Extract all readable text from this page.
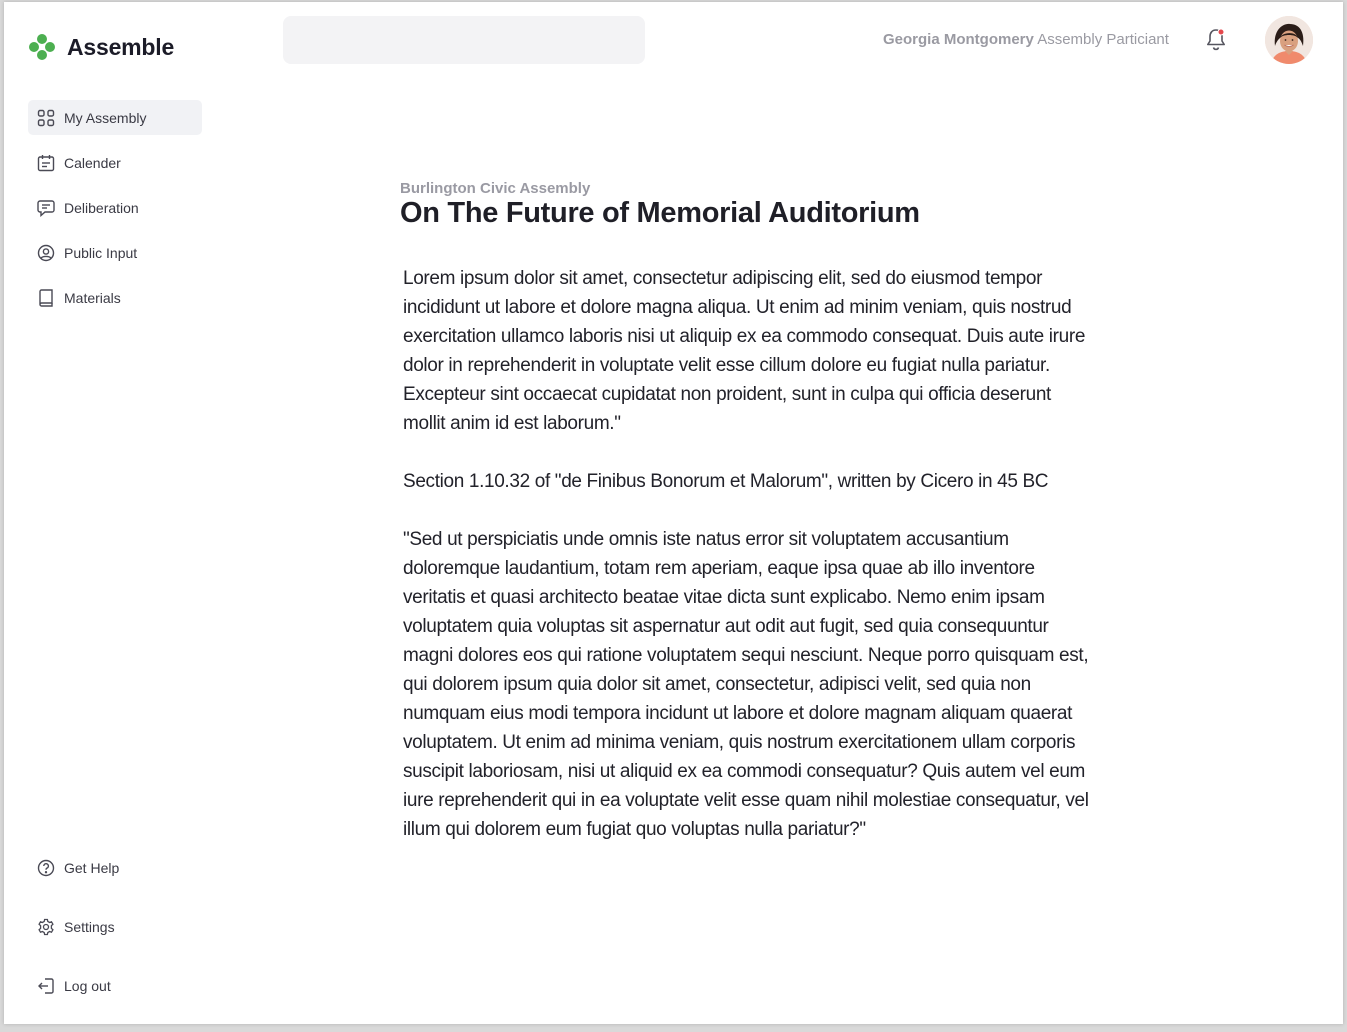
Assemble
My Assembly
Calender
Deliberation
Public Input
Materials
Get Help
Settings
Log out
Georgia Montgomery Assembly Particiant
Burlington Civic Assembly
On The Future of Memorial Auditorium

Lorem ipsum dolor sit amet, consectetur adipiscing elit, sed do eiusmod tempor incididunt ut labore et dolore magna aliqua. Ut enim ad minim veniam, quis nostrud exercitation ullamco laboris nisi ut aliquip ex ea commodo consequat. Duis aute irure dolor in reprehenderit in voluptate velit esse cillum dolore eu fugiat nulla pariatur. Excepteur sint occaecat cupidatat non proident, sunt in culpa qui officia deserunt mollit anim id est laborum."

Section 1.10.32 of "de Finibus Bonorum et Malorum", written by Cicero in 45 BC

"Sed ut perspiciatis unde omnis iste natus error sit voluptatem accusantium doloremque laudantium, totam rem aperiam, eaque ipsa quae ab illo inventore veritatis et quasi architecto beatae vitae dicta sunt explicabo. Nemo enim ipsam voluptatem quia voluptas sit aspernatur aut odit aut fugit, sed quia consequuntur magni dolores eos qui ratione voluptatem sequi nesciunt. Neque porro quisquam est, qui dolorem ipsum quia dolor sit amet, consectetur, adipisci velit, sed quia non numquam eius modi tempora incidunt ut labore et dolore magnam aliquam quaerat voluptatem. Ut enim ad minima veniam, quis nostrum exercitationem ullam corporis suscipit laboriosam, nisi ut aliquid ex ea commodi consequatur? Quis autem vel eum iure reprehenderit qui in ea voluptate velit esse quam nihil molestiae consequatur, vel illum qui dolorem eum fugiat quo voluptas nulla pariatur?"
